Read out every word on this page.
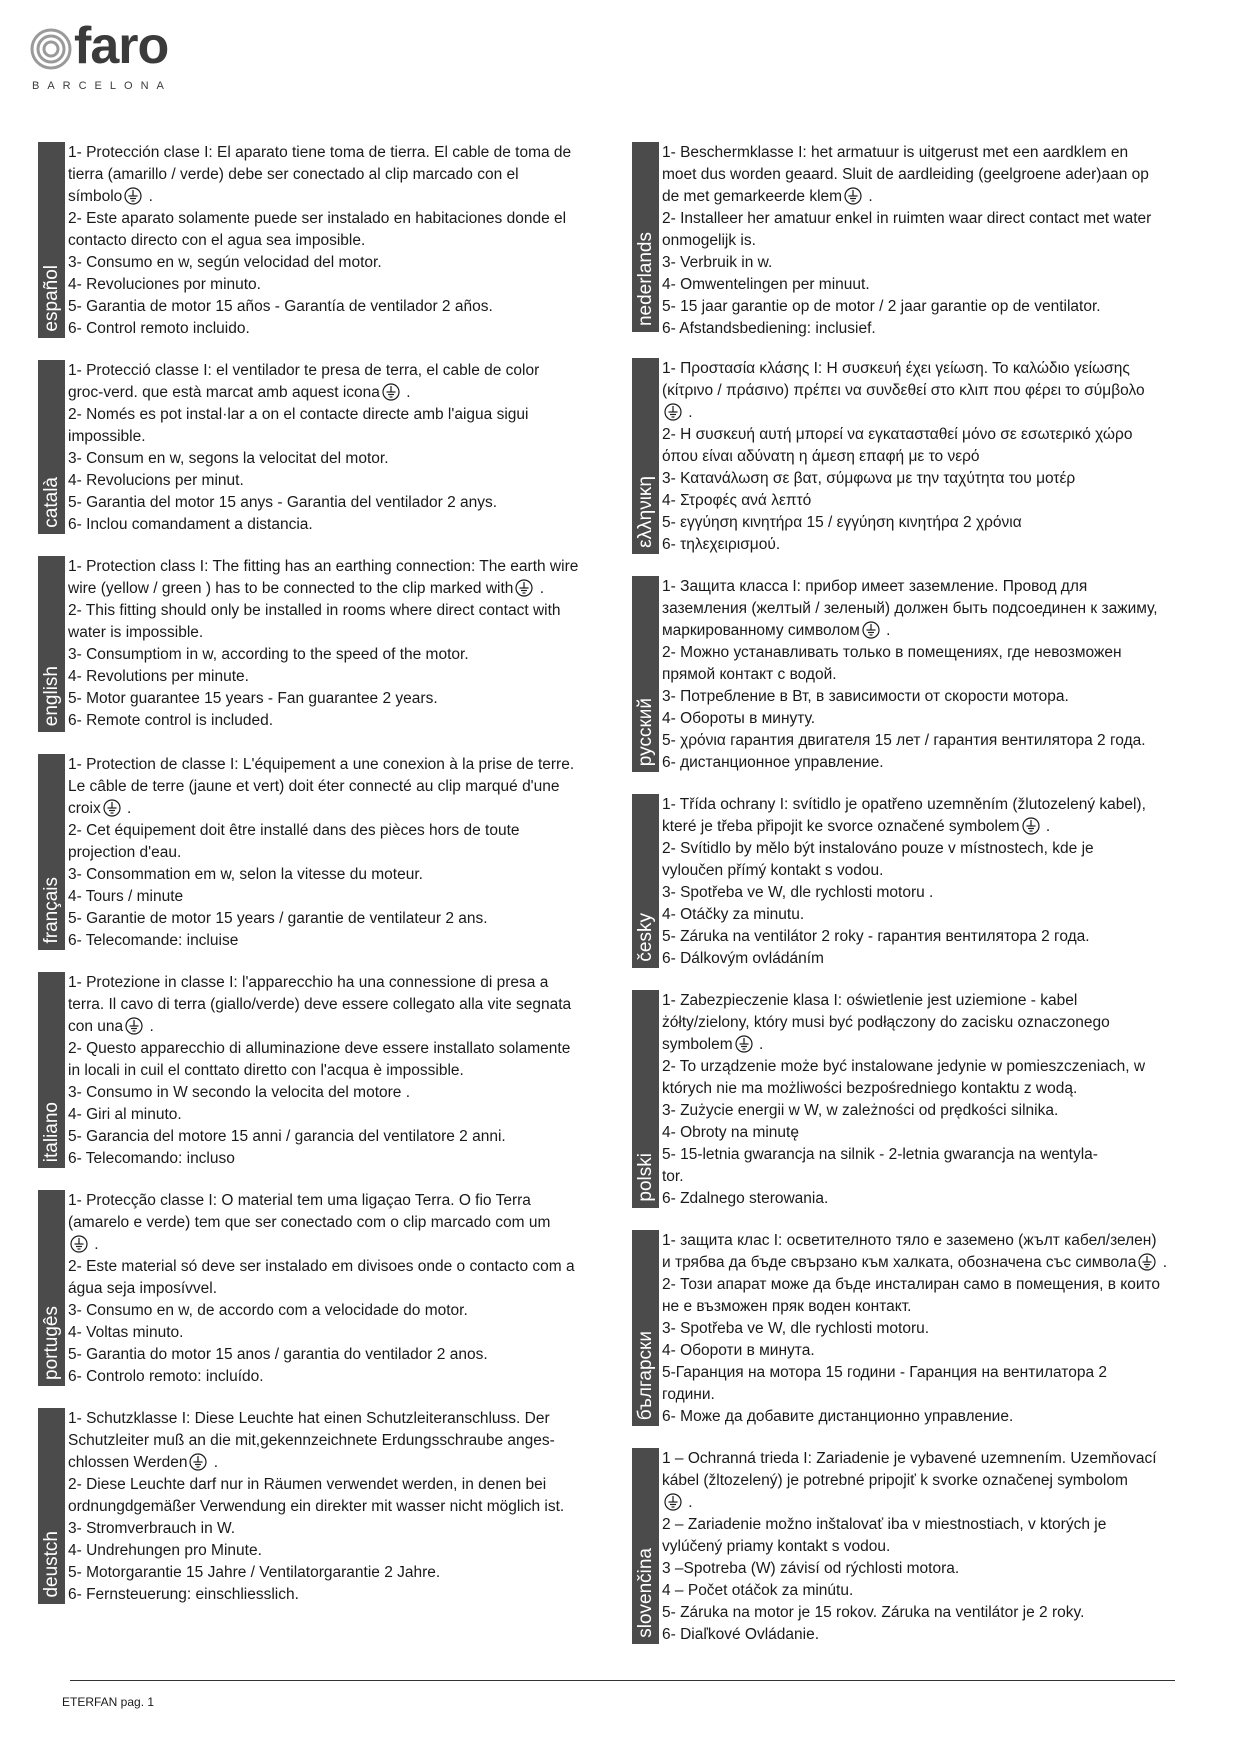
faro
BARCELONA
español
1- Protección clase I: El aparato tiene toma de tierra. El cable de toma de
tierra (amarillo / verde) debe ser conectado al clip marcado con el
símbolo .
2- Este aparato solamente puede ser instalado en habitaciones donde el
contacto directo con el agua sea imposible.
3- Consumo en w, según velocidad del motor.
4- Revoluciones por minuto.
5- Garantia de motor 15 años - Garantía de ventilador 2 años.
6- Control remoto incluido.
català
1- Protecció classe I: el ventilador te presa de terra, el cable de color
groc-verd. que està marcat amb aquest icona .
2- Només es pot instal·lar a on el contacte directe amb l'aigua sigui
impossible.
3- Consum en w, segons la velocitat del motor.
4- Revolucions per minut.
5- Garantia del motor 15 anys - Garantia del ventilador 2 anys.
6- Inclou comandament a distancia.
english
1- Protection class I: The fitting has an earthing connection: The earth wire
wire (yellow / green ) has to be connected to the clip marked with .
2- This fitting should only be installed in rooms where direct contact with
water is impossible.
3- Consumptiom in w, according to the speed of the motor.
4- Revolutions per minute.
5- Motor guarantee 15 years - Fan guarantee 2 years.
6- Remote control is included.
français
1- Protection de classe I: L'équipement a une conexion à la prise de terre.
Le câble de terre (jaune et vert) doit éter connecté au clip marqué d'une
croix .
2- Cet équipement doit être installé dans des pièces hors de toute
projection d'eau.
3- Consommation em w, selon la vitesse du moteur.
4- Tours / minute
5- Garantie de motor 15 years / garantie de ventilateur 2 ans.
6- Telecomande: incluise
italiano
1- Protezione in classe I: l'apparecchio ha una connessione di presa a
terra. Il cavo di terra (giallo/verde) deve essere collegato alla vite segnata
con una .
2- Questo apparecchio di alluminazione deve essere installato solamente
in locali in cuil el conttato diretto con l'acqua è impossible.
3- Consumo in W secondo la velocita del motore .
4- Giri al minuto.
5- Garancia del motore 15 anni / garancia del ventilatore 2 anni.
6- Telecomando: incluso
portugês
1- Protecção classe I: O material tem uma ligaçao Terra. O fio Terra
(amarelo e verde) tem que ser conectado com o clip marcado com um
.
2- Este material só deve ser instalado em divisoes onde o contacto com a
água seja imposívvel.
3- Consumo en w, de accordo com a velocidade do motor.
4- Voltas minuto.
5- Garantia do motor 15 anos / garantia do ventilador 2 anos.
6- Controlo remoto: incluído.
deustch
1- Schutzklasse I: Diese Leuchte hat einen Schutzleiteranschluss. Der
Schutzleiter muß an die mit,gekennzeichnete Erdungsschraube anges-
chlossen Werden .
2- Diese Leuchte darf nur in Räumen verwendet werden, in denen bei
ordnungdgemäßer Verwendung ein direkter mit wasser nicht möglich ist.
3- Stromverbrauch in W.
4- Undrehungen pro Minute.
5- Motorgarantie 15 Jahre / Ventilatorgarantie 2 Jahre.
6- Fernsteuerung: einschliesslich.
nederlands
1- Beschermklasse I: het armatuur is uitgerust met een aardklem en
moet dus worden geaard. Sluit de aardleiding (geelgroene ader)aan op
de met gemarkeerde klem .
2- Installeer her amatuur enkel in ruimten waar direct contact met water
onmogelijk is.
3- Verbruik in w.
4- Omwentelingen per minuut.
5- 15 jaar garantie op de motor / 2 jaar garantie op de ventilator.
6- Afstandsbediening: inclusief.
ελληνικη
1- Προστασία κλάσης I: Η συσκευή έχει γείωση. Το καλώδιο γείωσης
(κίτρινο / πράσινο) πρέπει να συνδεθεί στο κλιπ που φέρει το σύμβολο
.
2- Η συσκευή αυτή μπορεί να εγκατασταθεί μόνο σε εσωτερικό χώρο
όπου είναι αδύνατη η άμεση επαφή με το νερό
3- Κατανάλωση σε βατ, σύμφωνα με την ταχύτητα του μοτέρ
4- Στροφές ανά λεπτό
5- εγγύηση κινητήρα 15 / εγγύηση κινητήρα 2 χρόνια
6- τηλεχειρισμού.
русский
1- Защита класса I: прибор имеет заземление. Провод для
заземления (желтый / зеленый) должен быть подсоединен к зажиму,
маркированному символом .
2- Можно устанавливать только в помещениях, где невозможен
прямой контакт с водой.
3- Потребление в Вт, в зависимости от скорости мотора.
4- Обороты в минуту.
5- χρόνια гарантия двигателя 15 лет / гарантия вентилятора 2 года.
6- дистанционное управление.
česky
1- Třída ochrany I: svítidlo je opatřeno uzemněním (žlutozelený kabel),
které je třeba připojit ke svorce označené symbolem .
2- Svítidlo by mělo být instalováno pouze v místnostech, kde je
vyloučen přímý kontakt s vodou.
3- Spotřeba ve W, dle rychlosti motoru .
4- Otáčky za minutu.
5- Záruka na ventilátor 2 roky - гарантия вентилятора 2 года.
6- Dálkovým ovládáním
polski
1- Zabezpieczenie klasa I: oświetlenie jest uziemione - kabel
żółty/zielony, który musi być podłączony do zacisku oznaczonego
symbolem .
2- To urządzenie może być instalowane jedynie w pomieszczeniach, w
których nie ma możliwości bezpośredniego kontaktu z wodą.
3- Zużycie energii w W, w zależności od prędkości silnika.
4- Obroty na minutę
5- 15-letnia gwarancja na silnik - 2-letnia gwarancja na wentyla-
tor.
6- Zdalnego sterowania.
български
1- защита клас I: осветителното тяло е заземено (жълт кабел/зелен)
и трябва да бъде свързано към халката, обозначена със символа .
2- Този апарат може да бъде инсталиран само в помещения, в които
не е възможен пряк воден контакт.
3- Spotřeba ve W, dle rychlosti motoru.
4- Обороти в минута.
5-Гаранция на мотора 15 години - Гаранция на вентилатора 2
години.
6- Може да добавите дистанционно управление.
slovenčina
1 – Ochranná trieda I: Zariadenie je vybavené uzemnením. Uzemňovací
kábel (žltozelený) je potrebné pripojiť k svorke označenej symbolom
.
2 – Zariadenie možno inštalovať iba v miestnostiach, v ktorých je
vylúčený priamy kontakt s vodou.
3 –Spotreba (W) závisí od rýchlosti motora.
4 – Počet otáčok za minútu.
5- Záruka na motor je 15 rokov. Záruka na ventilátor je 2 roky.
6- Diaľkové Ovládanie.
ETERFAN pag. 1
